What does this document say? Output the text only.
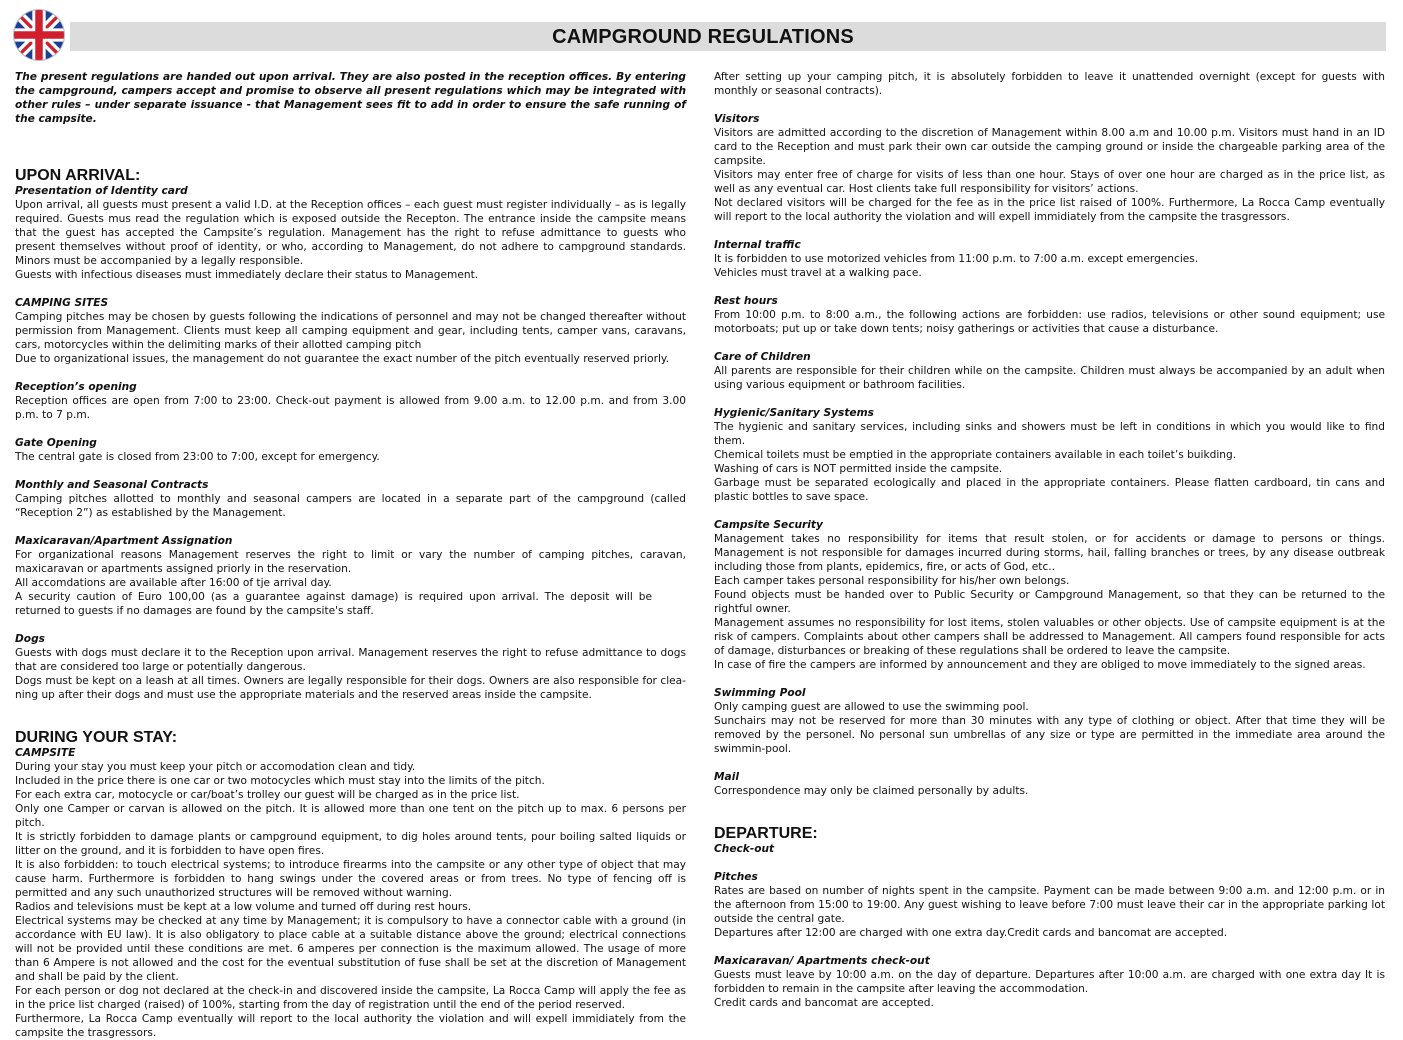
CAMPGROUND REGULATIONS

The present regulations are handed out upon arrival. They are also posted in the reception offices. By entering the campground, campers accept and promise to observe all present regulations which may be integrated with other rules – under separate issuance - that Management sees fit to add in order to ensure the safe running of the campsite.

UPON ARRIVAL:
Presentation of Identity card

Upon arrival, all guests must present a valid I.D. at the Reception offices – each guest must register individually – as is legally required. Guests mus read the regulation which is exposed outside the Recepton. The entrance inside the campsite means that the guest has accepted the Campsite’s regulation. Management has the right to refuse admittance to guests who present themselves without proof of identity, or who, according to Management, do not adhere to campground standards. Minors must be accompanied by a legally responsible.

Guests with infectious diseases must immediately declare their status to Management.

CAMPING SITES

Camping pitches may be chosen by guests following the indications of personnel and may not be changed thereafter without permission from Management. Clients must keep all camping equipment and gear, including tents, camper vans, caravans, cars, motorcycles within the delimiting marks of their allotted camping pitch

Due to organizational issues, the management do not guarantee the exact number of the pitch eventually reserved priorly.

Reception’s opening

Reception offices are open from 7:00 to 23:00. Check-out payment is allowed from 9.00 a.m. to 12.00 p.m. and from 3.00 p.m. to 7 p.m.

Gate Opening

The central gate is closed from 23:00 to 7:00, except for emergency.

Monthly and Seasonal Contracts

Camping pitches allotted to monthly and seasonal campers are located in a separate part of the campground (called “Reception 2”) as established by the Management.

Maxicaravan/Apartment Assignation

For organizational reasons Management reserves the right to limit or vary the number of camping pitches, caravan, maxicaravan or apartments assigned priorly in the reservation.

All accomdations are available after 16:00 of tje arrival day.

A security caution of Euro 100,00 (as a guarantee against damage) is required upon arrival. The deposit will be returned to guests if no damages are found by the campsite's staff.

Dogs

Guests with dogs must declare it to the Reception upon arrival. Management reserves the right to refuse admittance to dogs that are considered too large or potentially dangerous.

Dogs must be kept on a leash at all times. Owners are legally responsible for their dogs. Owners are also responsible for clea-ning up after their dogs and must use the appropriate materials and the reserved areas inside the campsite.

DURING YOUR STAY:
CAMPSITE

During your stay you must keep your pitch or accomodation clean and tidy.

Included in the price there is one car or two motocycles which must stay into the limits of the pitch.

For each extra car, motocycle or car/boat’s trolley our guest will be charged as in the price list.

Only one Camper or carvan is allowed on the pitch. It is allowed more than one tent on the pitch up to max. 6 persons per pitch.

It is strictly forbidden to damage plants or campground equipment, to dig holes around tents, pour boiling salted liquids or litter on the ground, and it is forbidden to have open fires.

It is also forbidden: to touch electrical systems; to introduce firearms into the campsite or any other type of object that may cause harm. Furthermore is forbidden to hang swings under the covered areas or from trees. No type of fencing off is permitted and any such unauthorized structures will be removed without warning.

Radios and televisions must be kept at a low volume and turned off during rest hours.

Electrical systems may be checked at any time by Management; it is compulsory to have a connector cable with a ground (in accordance with EU law). It is also obligatory to place cable at a suitable distance above the ground; electrical connections will not be provided until these conditions are met. 6 amperes per connection is the maximum allowed. The usage of more than 6 Ampere is not allowed and the cost for the eventual substitution of fuse shall be set at the discretion of Management and shall be paid by the client.

For each person or dog not declared at the check-in and discovered inside the campsite, La Rocca Camp will apply the fee as in the price list charged (raised) of 100%, starting from the day of registration until the end of the period reserved.

Furthermore, La Rocca Camp eventually will report to the local authority the violation and will expell immidiately from the campsite the trasgressors.

After setting up your camping pitch, it is absolutely forbidden to leave it unattended overnight (except for guests with monthly or seasonal contracts).

Visitors

Visitors are admitted according to the discretion of Management within 8.00 a.m and 10.00 p.m. Visitors must hand in an ID card to the Reception and must park their own car outside the camping ground or inside the chargeable parking area of the campsite.

Visitors may enter free of charge for visits of less than one hour. Stays of over one hour are charged as in the price list, as well as any eventual car. Host clients take full responsibility for visitors’ actions.

Not declared visitors will be charged for the fee as in the price list raised of 100%. Furthermore, La Rocca Camp eventually will report to the local authority the violation and will expell immidiately from the campsite the trasgressors.

Internal traffic

It is forbidden to use motorized vehicles from 11:00 p.m. to 7:00 a.m. except emergencies.

Vehicles must travel at a walking pace.

Rest hours

From 10:00 p.m. to 8:00 a.m., the following actions are forbidden: use radios, televisions or other sound equipment; use motorboats; put up or take down tents; noisy gatherings or activities that cause a disturbance.

Care of Children

All parents are responsible for their children while on the campsite. Children must always be accompanied by an adult when using various equipment or bathroom facilities.

Hygienic/Sanitary Systems

The hygienic and sanitary services, including sinks and showers must be left in conditions in which you would like to find them.

Chemical toilets must be emptied in the appropriate containers available in each toilet’s buikding.

Washing of cars is NOT permitted inside the campsite.

Garbage must be separated ecologically and placed in the appropriate containers. Please flatten cardboard, tin cans and plastic bottles to save space.

Campsite Security

Management takes no responsibility for items that result stolen, or for accidents or damage to persons or things. Management is not responsible for damages incurred during storms, hail, falling branches or trees, by any disease outbreak including those from plants, epidemics, fire, or acts of God, etc..

Each camper takes personal responsibility for his/her own belongs.

Found objects must be handed over to Public Security or Campground Management, so that they can be returned to the rightful owner.

Management assumes no responsibility for lost items, stolen valuables or other objects. Use of campsite equipment is at the risk of campers. Complaints about other campers shall be addressed to Management. All campers found responsible for acts of damage, disturbances or breaking of these regulations shall be ordered to leave the campsite.

In case of fire the campers are informed by announcement and they are obliged to move immediately to the signed areas.

Swimming Pool

Only camping guest are allowed to use the swimming pool.

Sunchairs may not be reserved for more than 30 minutes with any type of clothing or object. After that time they will be removed by the personel. No personal sun umbrellas of any size or type are permitted in the immediate area around the swimmin-pool.

Mail

Correspondence may only be claimed personally by adults.

DEPARTURE:
Check-out
Pitches

Rates are based on number of nights spent in the campsite. Payment can be made between 9:00 a.m. and 12:00 p.m. or in the afternoon from 15:00 to 19:00. Any guest wishing to leave before 7:00 must leave their car in the appropriate parking lot outside the central gate.

Departures after 12:00 are charged with one extra day.Credit cards and bancomat are accepted.

Maxicaravan/ Apartments check-out

Guests must leave by 10:00 a.m. on the day of departure. Departures after 10:00 a.m. are charged with one extra day It is forbidden to remain in the campsite after leaving the accommodation.

Credit cards and bancomat are accepted.
